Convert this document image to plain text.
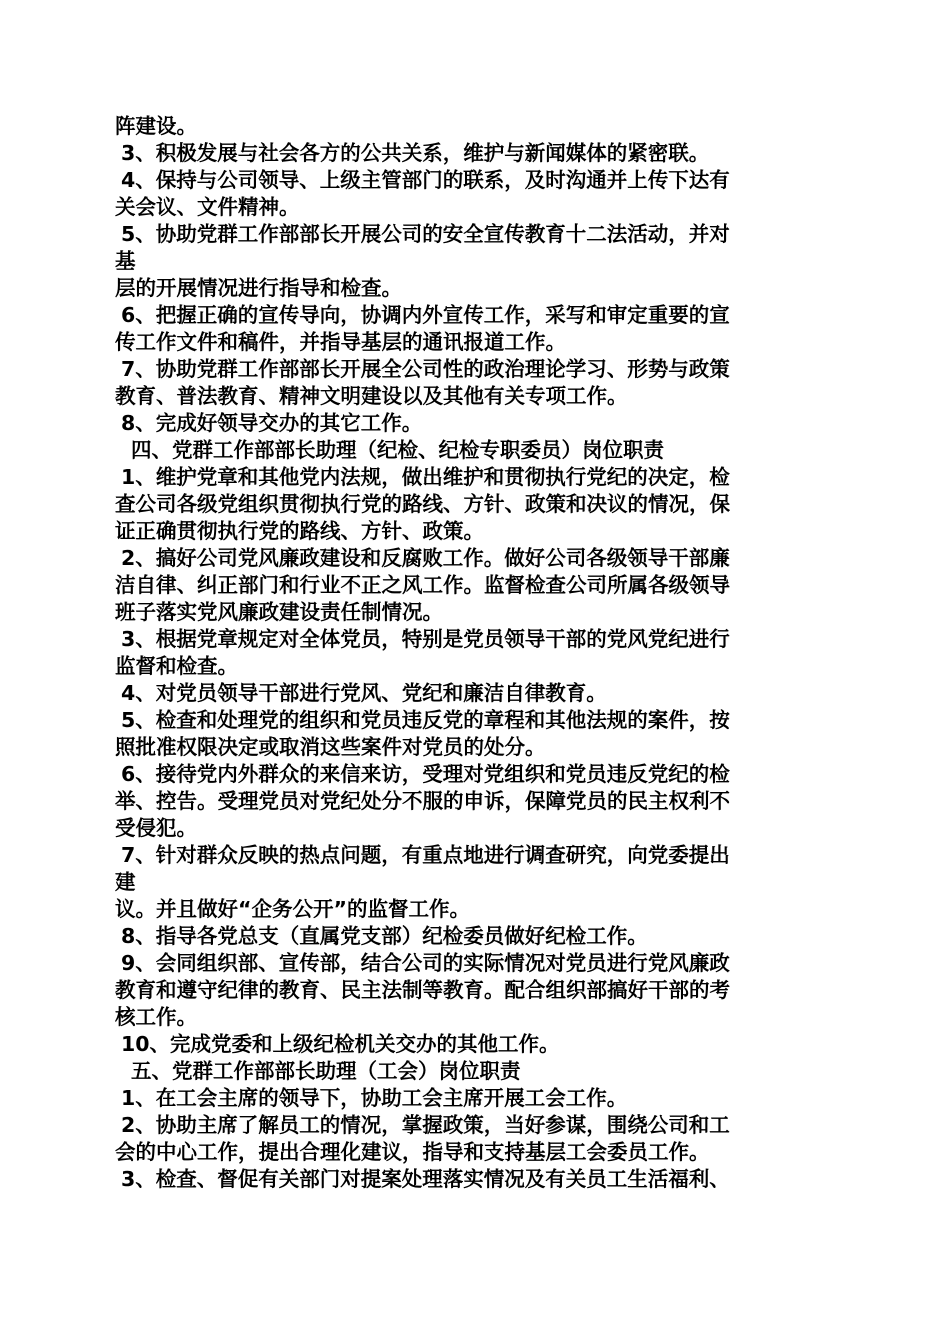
阵建设。
3、积极发展与社会各方的公共关系，维护与新闻媒体的紧密联。
4、保持与公司领导、上级主管部门的联系，及时沟通并上传下达有
关会议、文件精神。
5、协助党群工作部部长开展公司的安全宣传教育十二法活动，并对
基
层的开展情况进行指导和检查。
6、把握正确的宣传导向，协调内外宣传工作，采写和审定重要的宣
传工作文件和稿件，并指导基层的通讯报道工作。
7、协助党群工作部部长开展全公司性的政治理论学习、形势与政策
教育、普法教育、精神文明建设以及其他有关专项工作。
8、完成好领导交办的其它工作。
四、党群工作部部长助理（纪检、纪检专职委员）岗位职责
1、维护党章和其他党内法规，做出维护和贯彻执行党纪的决定，检
查公司各级党组织贯彻执行党的路线、方针、政策和决议的情况，保
证正确贯彻执行党的路线、方针、政策。
2、搞好公司党风廉政建设和反腐败工作。做好公司各级领导干部廉
洁自律、纠正部门和行业不正之风工作。监督检查公司所属各级领导
班子落实党风廉政建设责任制情况。
3、根据党章规定对全体党员，特别是党员领导干部的党风党纪进行
监督和检查。
4、对党员领导干部进行党风、党纪和廉洁自律教育。
5、检查和处理党的组织和党员违反党的章程和其他法规的案件，按
照批准权限决定或取消这些案件对党员的处分。
6、接待党内外群众的来信来访，受理对党组织和党员违反党纪的检
举、控告。受理党员对党纪处分不服的申诉，保障党员的民主权利不
受侵犯。
7、针对群众反映的热点问题，有重点地进行调查研究，向党委提出
建
议。并且做好“企务公开”的监督工作。
8、指导各党总支（直属党支部）纪检委员做好纪检工作。
9、会同组织部、宣传部，结合公司的实际情况对党员进行党风廉政
教育和遵守纪律的教育、民主法制等教育。配合组织部搞好干部的考
核工作。
10、完成党委和上级纪检机关交办的其他工作。
五、党群工作部部长助理（工会）岗位职责
1、在工会主席的领导下，协助工会主席开展工会工作。
2、协助主席了解员工的情况，掌握政策，当好参谋，围绕公司和工
会的中心工作，提出合理化建议，指导和支持基层工会委员工作。
3、检查、督促有关部门对提案处理落实情况及有关员工生活福利、
